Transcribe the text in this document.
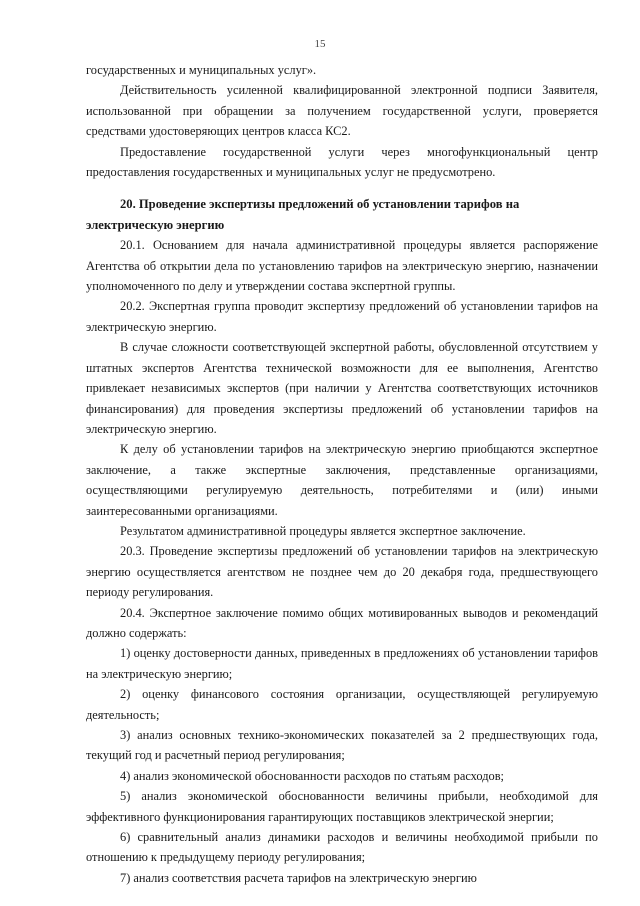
15

государственных и муниципальных услуг».

Действительность усиленной квалифицированной электронной подписи Заявителя, использованной при обращении за получением государственной услуги, проверяется средствами удостоверяющих центров класса КС2.

Предоставление государственной услуги через многофункциональный центр предоставления государственных и муниципальных услуг не предусмотрено.

20. Проведение экспертизы предложений об установлении тарифов на электрическую энергию

20.1. Основанием для начала административной процедуры является распоряжение Агентства об открытии дела по установлению тарифов на электрическую энергию, назначении уполномоченного по делу и утверждении состава экспертной группы.

20.2. Экспертная группа проводит экспертизу предложений об установлении тарифов на электрическую энергию.

В случае сложности соответствующей экспертной работы, обусловленной отсутствием у штатных экспертов Агентства технической возможности для ее выполнения, Агентство привлекает независимых экспертов (при наличии у Агентства соответствующих источников финансирования) для проведения экспертизы предложений об установлении тарифов на электрическую энергию.

К делу об установлении тарифов на электрическую энергию приобщаются экспертное заключение, а также экспертные заключения, представленные организациями, осуществляющими регулируемую деятельность, потребителями и (или) иными заинтересованными организациями.

Результатом административной процедуры является экспертное заключение.

20.3. Проведение экспертизы предложений об установлении тарифов на электрическую энергию осуществляется агентством не позднее чем до 20 декабря года, предшествующего периоду регулирования.

20.4. Экспертное заключение помимо общих мотивированных выводов и рекомендаций должно содержать:

1) оценку достоверности данных, приведенных в предложениях об установлении тарифов на электрическую энергию;

2) оценку финансового состояния организации, осуществляющей регулируемую деятельность;

3) анализ основных технико-экономических показателей за 2 предшествующих года, текущий год и расчетный период регулирования;

4) анализ экономической обоснованности расходов по статьям расходов;

5) анализ экономической обоснованности величины прибыли, необходимой для эффективного функционирования гарантирующих поставщиков электрической энергии;

6) сравнительный анализ динамики расходов и величины необходимой прибыли по отношению к предыдущему периоду регулирования;

7) анализ соответствия расчета тарифов на электрическую энергию
